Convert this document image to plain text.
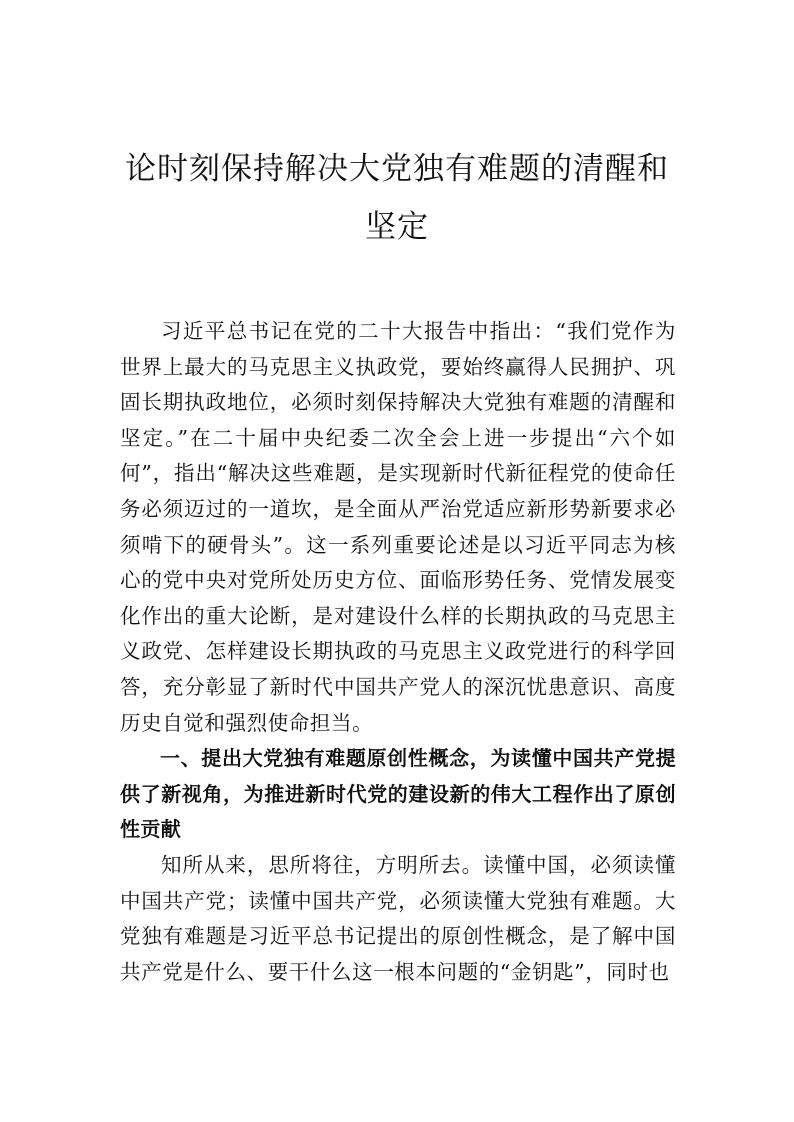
论时刻保持解决大党独有难题的清醒和坚定

习近平总书记在党的二十大报告中指出：“我们党作为世界上最大的马克思主义执政党，要始终赢得人民拥护、巩固长期执政地位，必须时刻保持解决大党独有难题的清醒和坚定。”在二十届中央纪委二次全会上进一步提出“六个如何”，指出“解决这些难题，是实现新时代新征程党的使命任务必须迈过的一道坎，是全面从严治党适应新形势新要求必须啃下的硬骨头”。这一系列重要论述是以习近平同志为核 心的党中央对党所处历史方位、面临形势任务、党情发展变化作出的重大论断，是对建设什么样的长期执政的马克思主义政党、怎样建设长期执政的马克思主义政党进行的科学回答，充分彰显了新时代中国共产党人的深沉忧患意识、高度历史自觉和强烈使命担当。

一、提出大党独有难题原创性概念，为读懂中国共产党提供了新视角，为推进新时代党的建设新的伟大工程作出了原创性贡献

知所从来，思所将往，方明所去。读懂中国，必须读懂中国共产党；读懂中国共产党，必须读懂大党独有难题。大党独有难题是习近平总书记提出的原创性概念，是了解中国共产党是什么、要干什么这一根本问题的“金钥匙”，同时也
